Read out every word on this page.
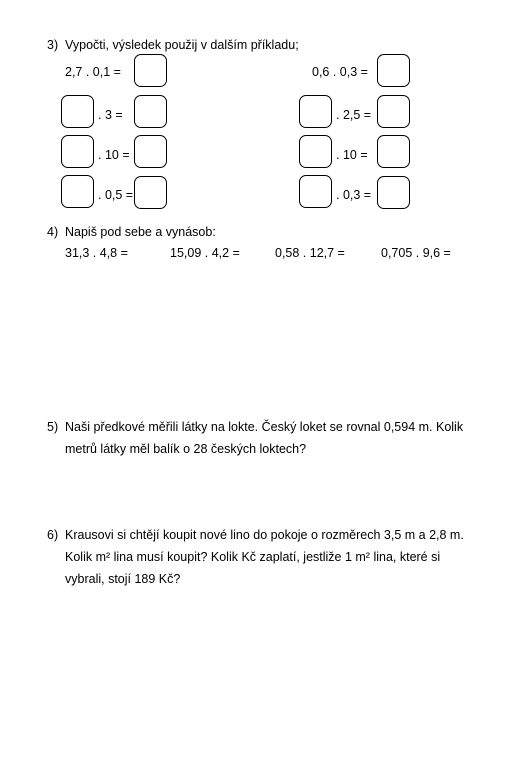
3) Vypočti, výsledek použij v dalším příkladu;
2,7 . 0,1 =
. 3 =
. 10 =
. 0,5 =
0,6 . 0,3 =
. 2,5 =
. 10 =
. 0,3 =
4) Napiš pod sebe a vynásob:
31,3 . 4,8 =	15,09 . 4,2 =	0,58 . 12,7 =	0,705 . 9,6 =
5) Naši předkové měřili látky na lokte. Český loket se rovnal 0,594 m. Kolik
metrů látky měl balík o 28 českých loktech?
6) Krausovi si chtějí koupit nové lino do pokoje o rozměrech 3,5 m a 2,8 m.
Kolik m² lina musí koupit? Kolik Kč zaplatí, jestliže 1 m² lina, které si
vybrali, stojí 189 Kč?
